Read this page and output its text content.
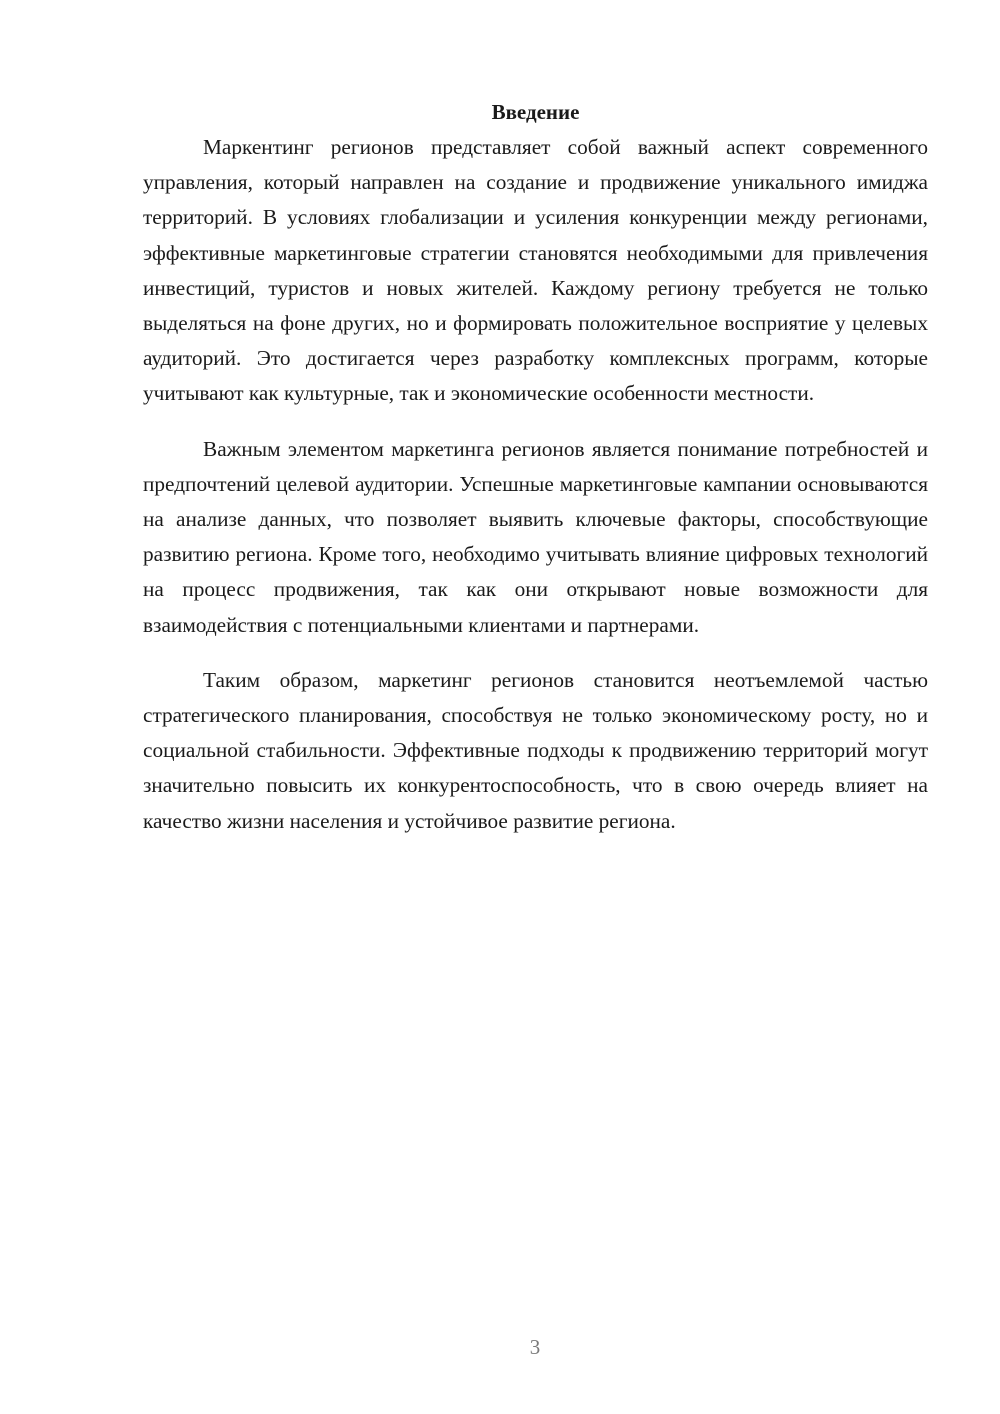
Введение

Маркентинг регионов представляет собой важный аспект современного управления, который направлен на создание и продвижение уникального имиджа территорий. В условиях глобализации и усиления конкуренции между регионами, эффективные маркетинговые стратегии становятся необходимыми для привлечения инвестиций, туристов и новых жителей. Каждому региону требуется не только выделяться на фоне других, но и формировать положительное восприятие у целевых аудиторий. Это достигается через разработку комплексных программ, которые учитывают как культурные, так и экономические особенности местности.

Важным элементом маркетинга регионов является понимание потребностей и предпочтений целевой аудитории. Успешные маркетинговые кампании основываются на анализе данных, что позволяет выявить ключевые факторы, способствующие развитию региона. Кроме того, необходимо учитывать влияние цифровых технологий на процесс продвижения, так как они открывают новые возможности для взаимодействия с потенциальными клиентами и партнерами.

Таким образом, маркетинг регионов становится неотъемлемой частью стратегического планирования, способствуя не только экономическому росту, но и социальной стабильности. Эффективные подходы к продвижению территорий могут значительно повысить их конкурентоспособность, что в свою очередь влияет на качество жизни населения и устойчивое развитие региона.

3
